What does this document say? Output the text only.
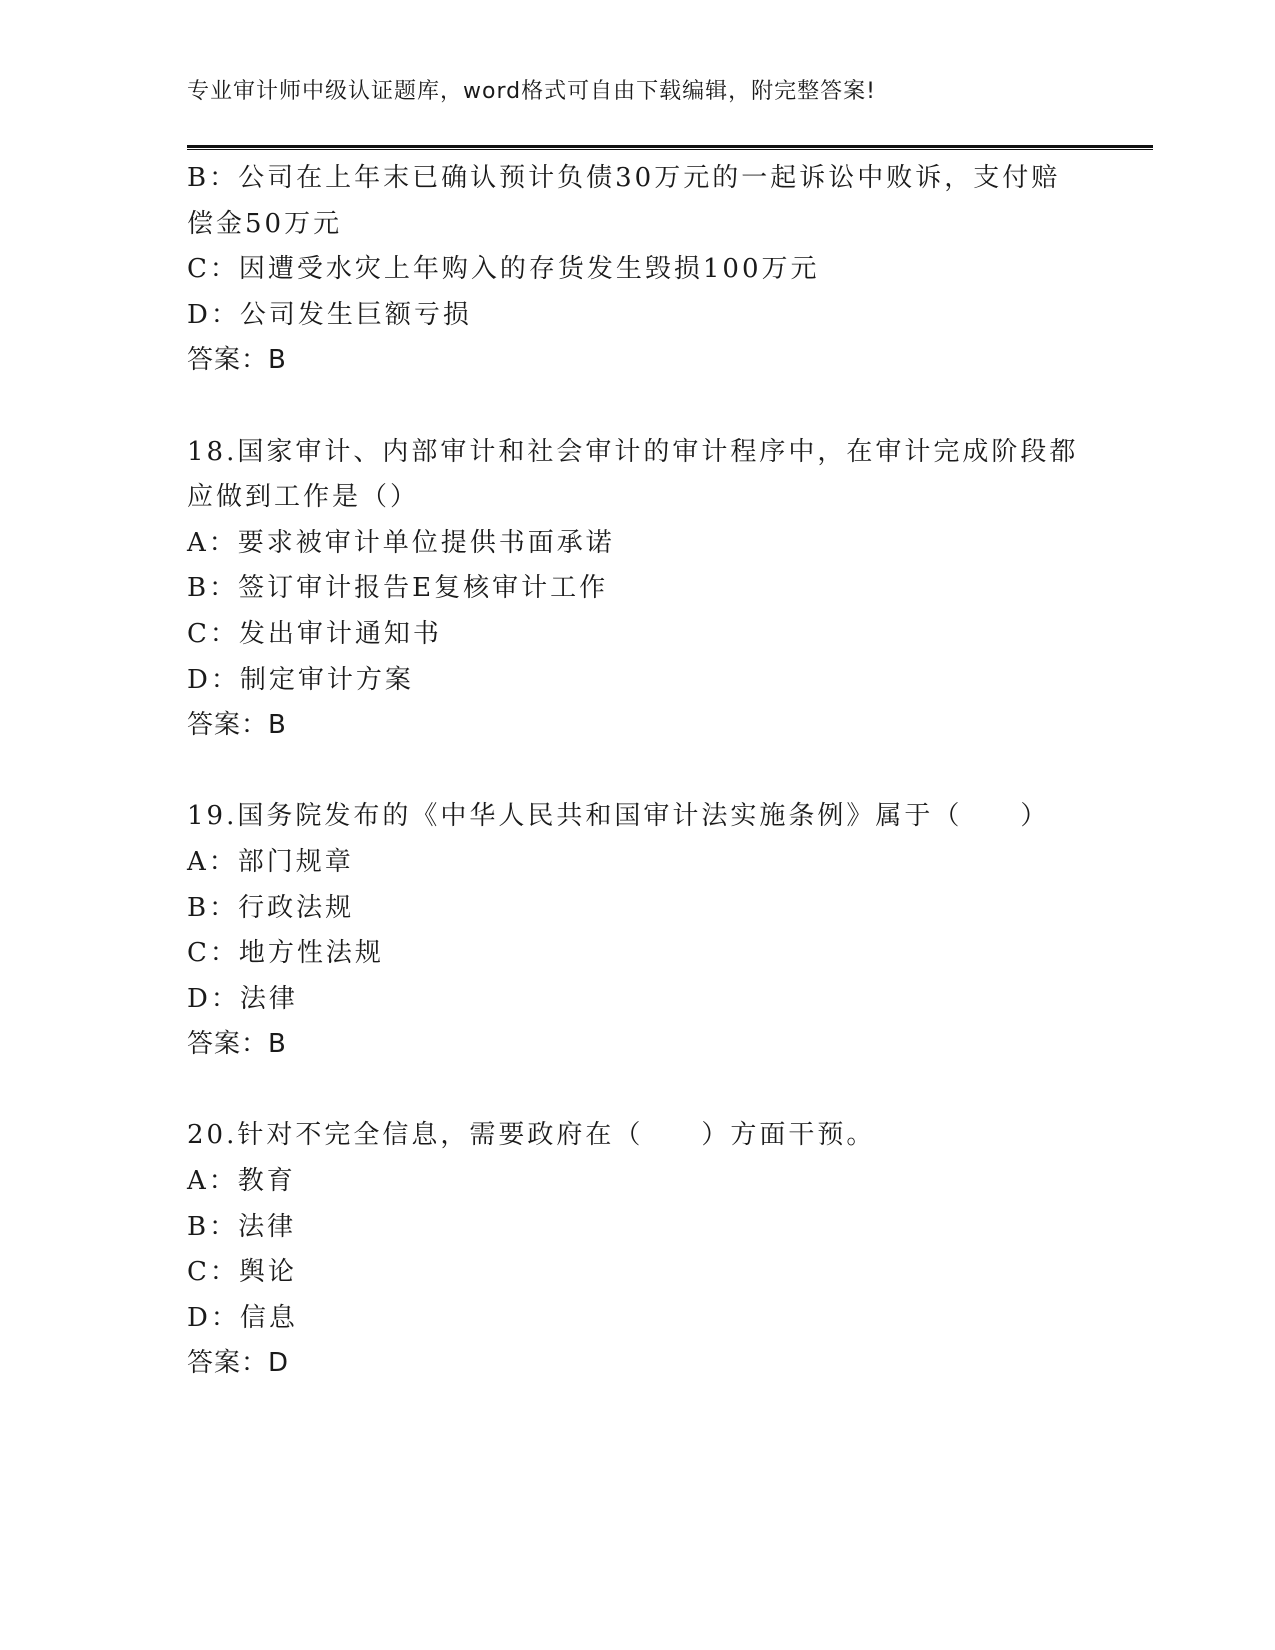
专业审计师中级认证题库，word格式可自由下载编辑，附完整答案!
B：公司在上年末已确认预计负债30万元的一起诉讼中败诉，支付赔
偿金50万元
C：因遭受水灾上年购入的存货发生毁损100万元
D：公司发生巨额亏损
答案：B
18.国家审计、内部审计和社会审计的审计程序中，在审计完成阶段都
应做到工作是（）
A：要求被审计单位提供书面承诺
B：签订审计报告E复核审计工作
C：发出审计通知书
D：制定审计方案
答案：B
19.国务院发布的《中华人民共和国审计法实施条例》属于（　　）
A：部门规章
B：行政法规
C：地方性法规
D：法律
答案：B
20.针对不完全信息，需要政府在（　　）方面干预。
A：教育
B：法律
C：舆论
D：信息
答案：D
